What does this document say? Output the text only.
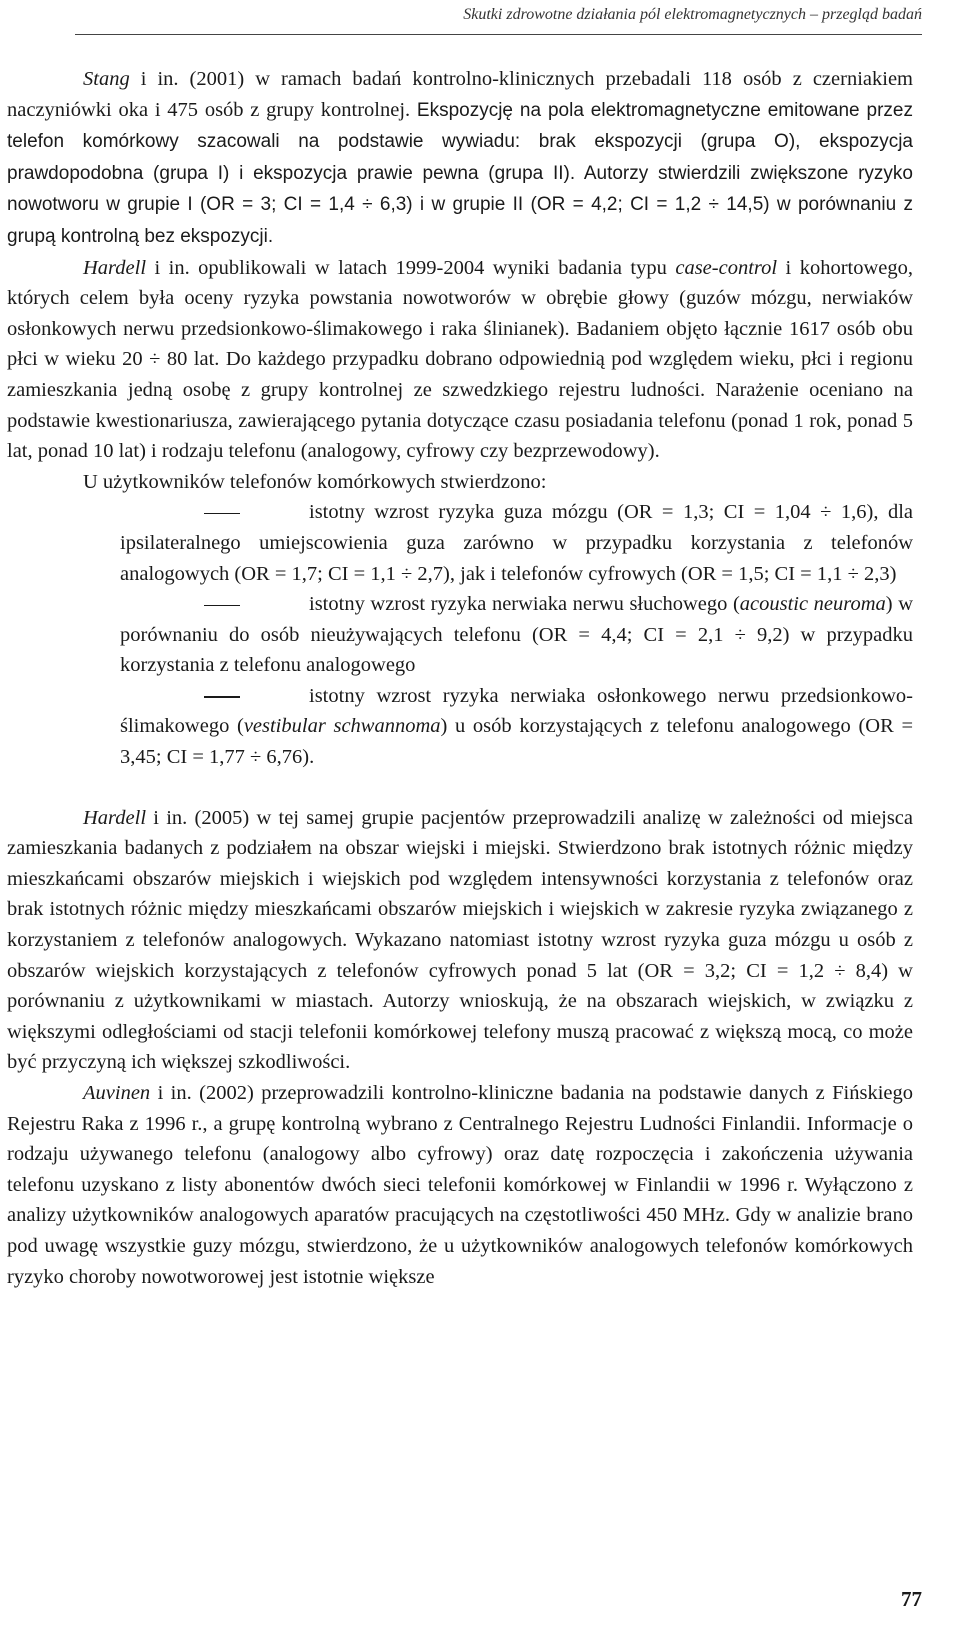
Skutki zdrowotne działania pól elektromagnetycznych – przegląd badań

Stang i in. (2001) w ramach badań kontrolno-klinicznych przebadali 118 osób z czerniakiem naczyniówki oka i 475 osób z grupy kontrolnej. Ekspozycję na pola elektromagnetyczne emitowane przez telefon komórkowy szacowali na podstawie wywiadu: brak ekspozycji (grupa O), ekspozycja prawdopodobna (grupa I) i ekspozycja prawie pewna (grupa II). Autorzy stwierdzili zwiększone ryzyko nowotworu w grupie I (OR = 3; CI = 1,4 ÷ 6,3) i w grupie II (OR = 4,2; CI = 1,2 ÷ 14,5) w porównaniu z grupą kontrolną bez ekspozycji.

Hardell i in. opublikowali w latach 1999-2004 wyniki badania typu case-control i kohortowego, których celem była oceny ryzyka powstania nowotworów w obrębie głowy (guzów mózgu, nerwiaków osłonkowych nerwu przedsionkowo-ślimakowego i raka ślinianek). Badaniem objęto łącznie 1617 osób obu płci w wieku 20 ÷ 80 lat. Do każdego przypadku dobrano odpowiednią pod względem wieku, płci i regionu zamieszkania jedną osobę z grupy kontrolnej ze szwedzkiego rejestru ludności. Narażenie oceniano na podstawie kwestionariusza, zawierającego pytania dotyczące czasu posiadania telefonu (ponad 1 rok, ponad 5 lat, ponad 10 lat) i rodzaju telefonu (analogowy, cyfrowy czy bezprzewodowy).

U użytkowników telefonów komórkowych stwierdzono:

istotny wzrost ryzyka guza mózgu (OR = 1,3; CI = 1,04 ÷ 1,6), dla ipsilateralnego umiejscowienia guza zarówno w przypadku korzystania z telefonów analogowych (OR = 1,7; CI = 1,1 ÷ 2,7), jak i telefonów cyfrowych (OR = 1,5; CI = 1,1 ÷ 2,3)

istotny wzrost ryzyka nerwiaka nerwu słuchowego (acoustic neuroma) w porównaniu do osób nieużywających telefonu (OR = 4,4; CI = 2,1 ÷ 9,2) w przypadku korzystania z telefonu analogowego

istotny wzrost ryzyka nerwiaka osłonkowego nerwu przedsionkowo-ślimakowego (vestibular schwannoma) u osób korzystających z telefonu analogowego (OR = 3,45; CI = 1,77 ÷ 6,76).

Hardell i in. (2005) w tej samej grupie pacjentów przeprowadzili analizę w zależności od miejsca zamieszkania badanych z podziałem na obszar wiejski i miejski. Stwierdzono brak istotnych różnic między mieszkańcami obszarów miejskich i wiejskich pod względem intensywności korzystania z telefonów oraz brak istotnych różnic między mieszkańcami obszarów miejskich i wiejskich w zakresie ryzyka związanego z korzystaniem z telefonów analogowych. Wykazano natomiast istotny wzrost ryzyka guza mózgu u osób z obszarów wiejskich korzystających z telefonów cyfrowych ponad 5 lat (OR = 3,2; CI = 1,2 ÷ 8,4) w porównaniu z użytkownikami w miastach. Autorzy wnioskują, że na obszarach wiejskich, w związku z większymi odległościami od stacji telefonii komórkowej telefony muszą pracować z większą mocą, co może być przyczyną ich większej szkodliwości.

Auvinen i in. (2002) przeprowadzili kontrolno-kliniczne badania na podstawie danych z Fińskiego Rejestru Raka z 1996 r., a grupę kontrolną wybrano z Centralnego Rejestru Ludności Finlandii. Informacje o rodzaju używanego telefonu (analogowy albo cyfrowy) oraz datę rozpoczęcia i zakończenia używania telefonu uzyskano z listy abonentów dwóch sieci telefonii komórkowej w Finlandii w 1996 r. Wyłączono z analizy użytkowników analogowych aparatów pracujących na częstotliwości 450 MHz. Gdy w analizie brano pod uwagę wszystkie guzy mózgu, stwierdzono, że u użytkowników analogowych telefonów komórkowych ryzyko choroby nowotworowej jest istotnie większe

77
